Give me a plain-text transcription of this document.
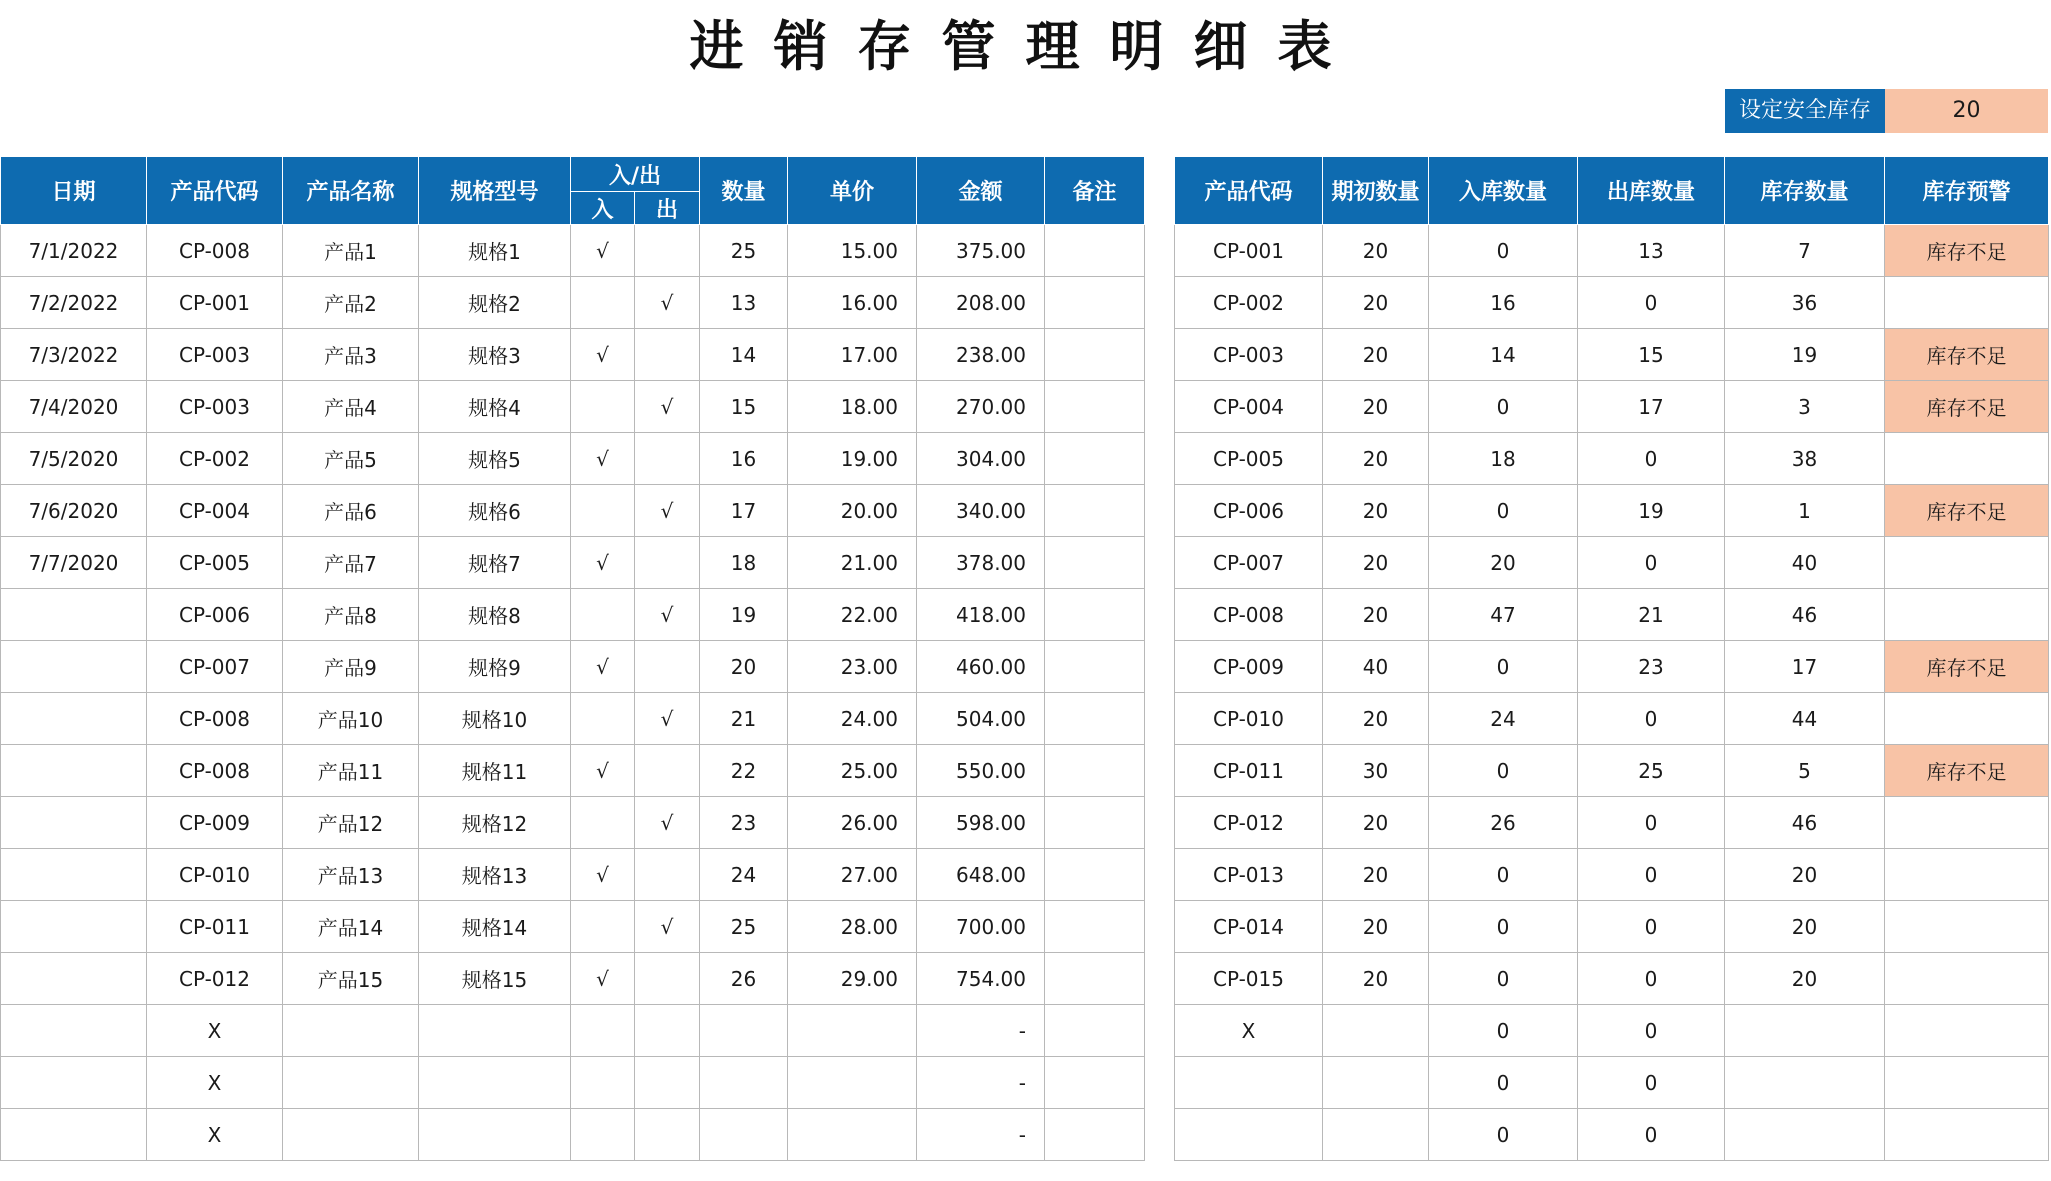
进销存管理明细表
设定安全库存	20
日期	产品代码	产品名称	规格型号	入/出		数量	单价	金额	备注
				入	出				
7/1/2022	CP-008	产品1	规格1	√		25	15.00	375.00	
7/2/2022	CP-001	产品2	规格2		√	13	16.00	208.00	
7/3/2022	CP-003	产品3	规格3	√		14	17.00	238.00	
7/4/2020	CP-003	产品4	规格4		√	15	18.00	270.00	
7/5/2020	CP-002	产品5	规格5	√		16	19.00	304.00	
7/6/2020	CP-004	产品6	规格6		√	17	20.00	340.00	
7/7/2020	CP-005	产品7	规格7	√		18	21.00	378.00	
	CP-006	产品8	规格8		√	19	22.00	418.00	
	CP-007	产品9	规格9	√		20	23.00	460.00	
	CP-008	产品10	规格10		√	21	24.00	504.00	
	CP-008	产品11	规格11	√		22	25.00	550.00	
	CP-009	产品12	规格12		√	23	26.00	598.00	
	CP-010	产品13	规格13	√		24	27.00	648.00	
	CP-011	产品14	规格14		√	25	28.00	700.00	
	CP-012	产品15	规格15	√		26	29.00	754.00	
	X							-	
	X							-	
	X							-	
产品代码	期初数量	入库数量	出库数量	库存数量	库存预警
CP-001	20	0	13	7	库存不足
CP-002	20	16	0	36	
CP-003	20	14	15	19	库存不足
CP-004	20	0	17	3	库存不足
CP-005	20	18	0	38	
CP-006	20	0	19	1	库存不足
CP-007	20	20	0	40	
CP-008	20	47	21	46	
CP-009	40	0	23	17	库存不足
CP-010	20	24	0	44	
CP-011	30	0	25	5	库存不足
CP-012	20	26	0	46	
CP-013	20	0	0	20	
CP-014	20	0	0	20	
CP-015	20	0	0	20	
X		0	0		
		0	0		
		0	0		
